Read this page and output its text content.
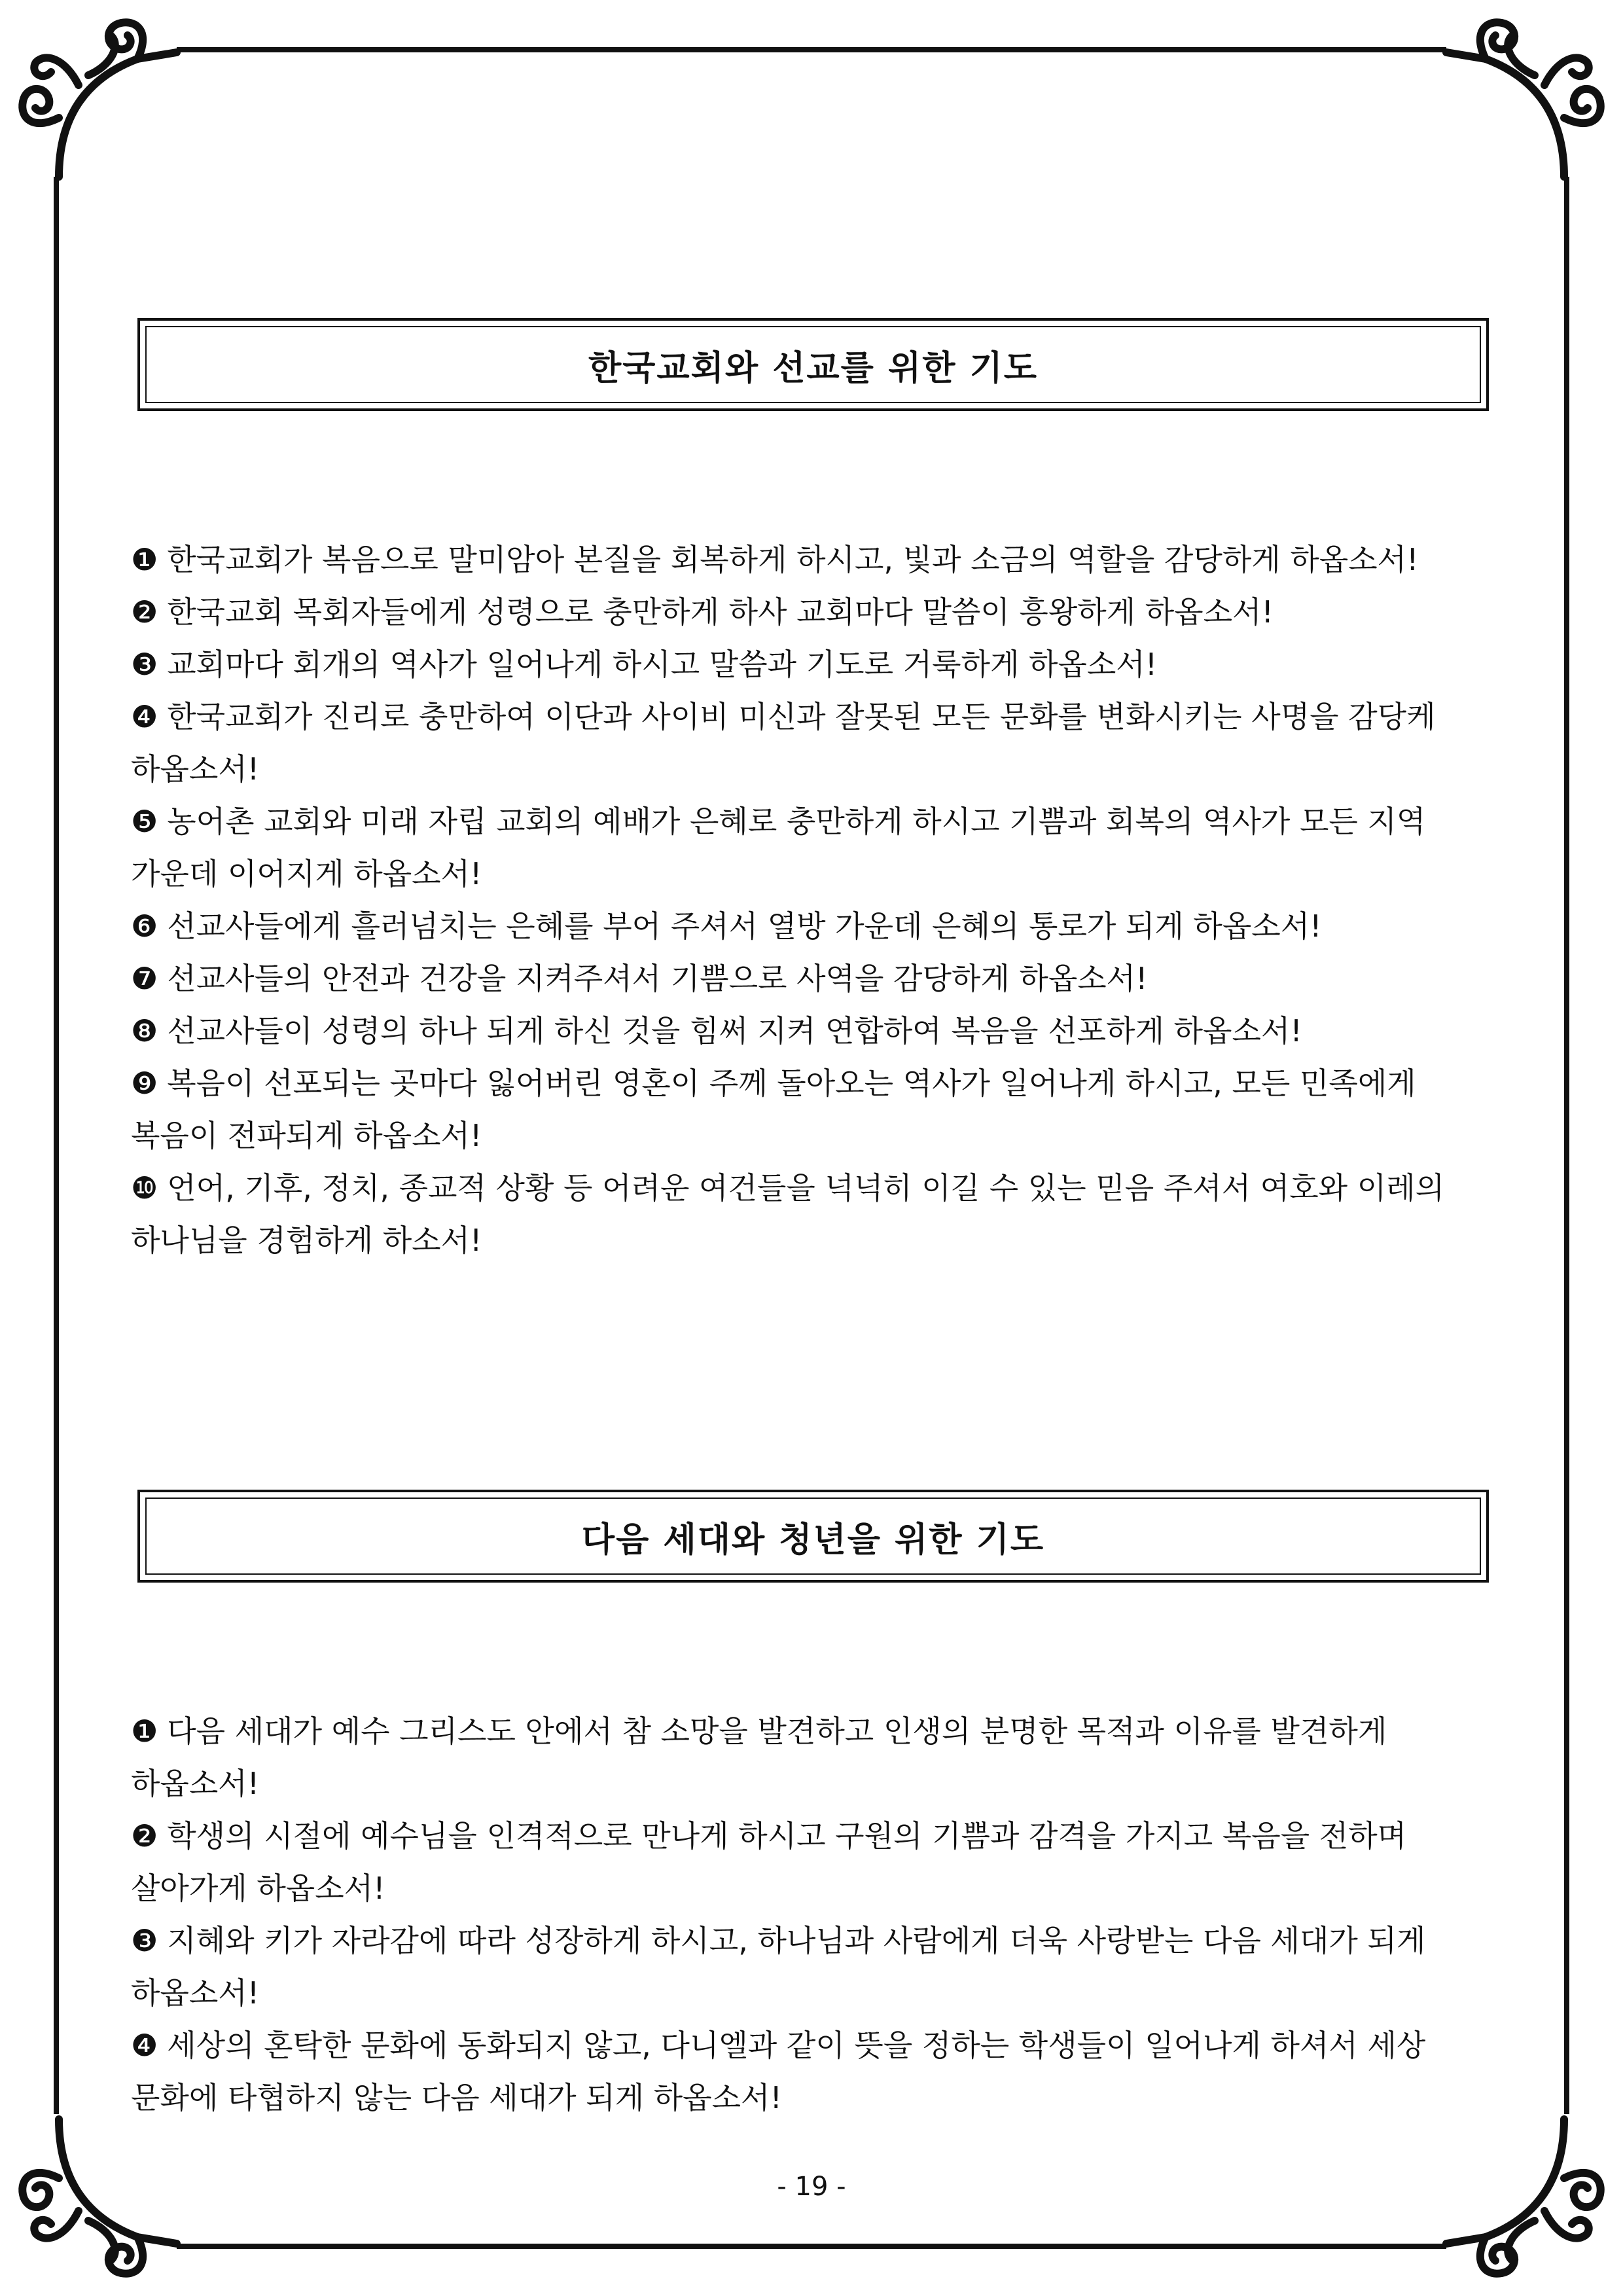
한국교회와 선교를 위한 기도

❶ 한국교회가 복음으로 말미암아 본질을 회복하게 하시고, 빛과 소금의 역할을 감당하게 하옵소서!

❷ 한국교회 목회자들에게 성령으로 충만하게 하사 교회마다 말씀이 흥왕하게 하옵소서!

❸ 교회마다 회개의 역사가 일어나게 하시고 말씀과 기도로 거룩하게 하옵소서!

❹ 한국교회가 진리로 충만하여 이단과 사이비 미신과 잘못된 모든 문화를 변화시키는 사명을 감당케 하옵소서!

❺ 농어촌 교회와 미래 자립 교회의 예배가 은혜로 충만하게 하시고 기쁨과 회복의 역사가 모든 지역 가운데 이어지게 하옵소서!

❻ 선교사들에게 흘러넘치는 은혜를 부어 주셔서 열방 가운데 은혜의 통로가 되게 하옵소서!

❼ 선교사들의 안전과 건강을 지켜주셔서 기쁨으로 사역을 감당하게 하옵소서!

❽ 선교사들이 성령의 하나 되게 하신 것을 힘써 지켜 연합하여 복음을 선포하게 하옵소서!

❾ 복음이 선포되는 곳마다 잃어버린 영혼이 주께 돌아오는 역사가 일어나게 하시고, 모든 민족에게 복음이 전파되게 하옵소서!

❿ 언어, 기후, 정치, 종교적 상황 등 어려운 여건들을 넉넉히 이길 수 있는 믿음 주셔서 여호와 이레의 하나님을 경험하게 하소서!

다음 세대와 청년을 위한 기도

❶ 다음 세대가 예수 그리스도 안에서 참 소망을 발견하고 인생의 분명한 목적과 이유를 발견하게 하옵소서!

❷ 학생의 시절에 예수님을 인격적으로 만나게 하시고 구원의 기쁨과 감격을 가지고 복음을 전하며 살아가게 하옵소서!

❸ 지혜와 키가 자라감에 따라 성장하게 하시고, 하나님과 사람에게 더욱 사랑받는 다음 세대가 되게 하옵소서!

❹ 세상의 혼탁한 문화에 동화되지 않고, 다니엘과 같이 뜻을 정하는 학생들이 일어나게 하셔서 세상 문화에 타협하지 않는 다음 세대가 되게 하옵소서!

- 19 -
